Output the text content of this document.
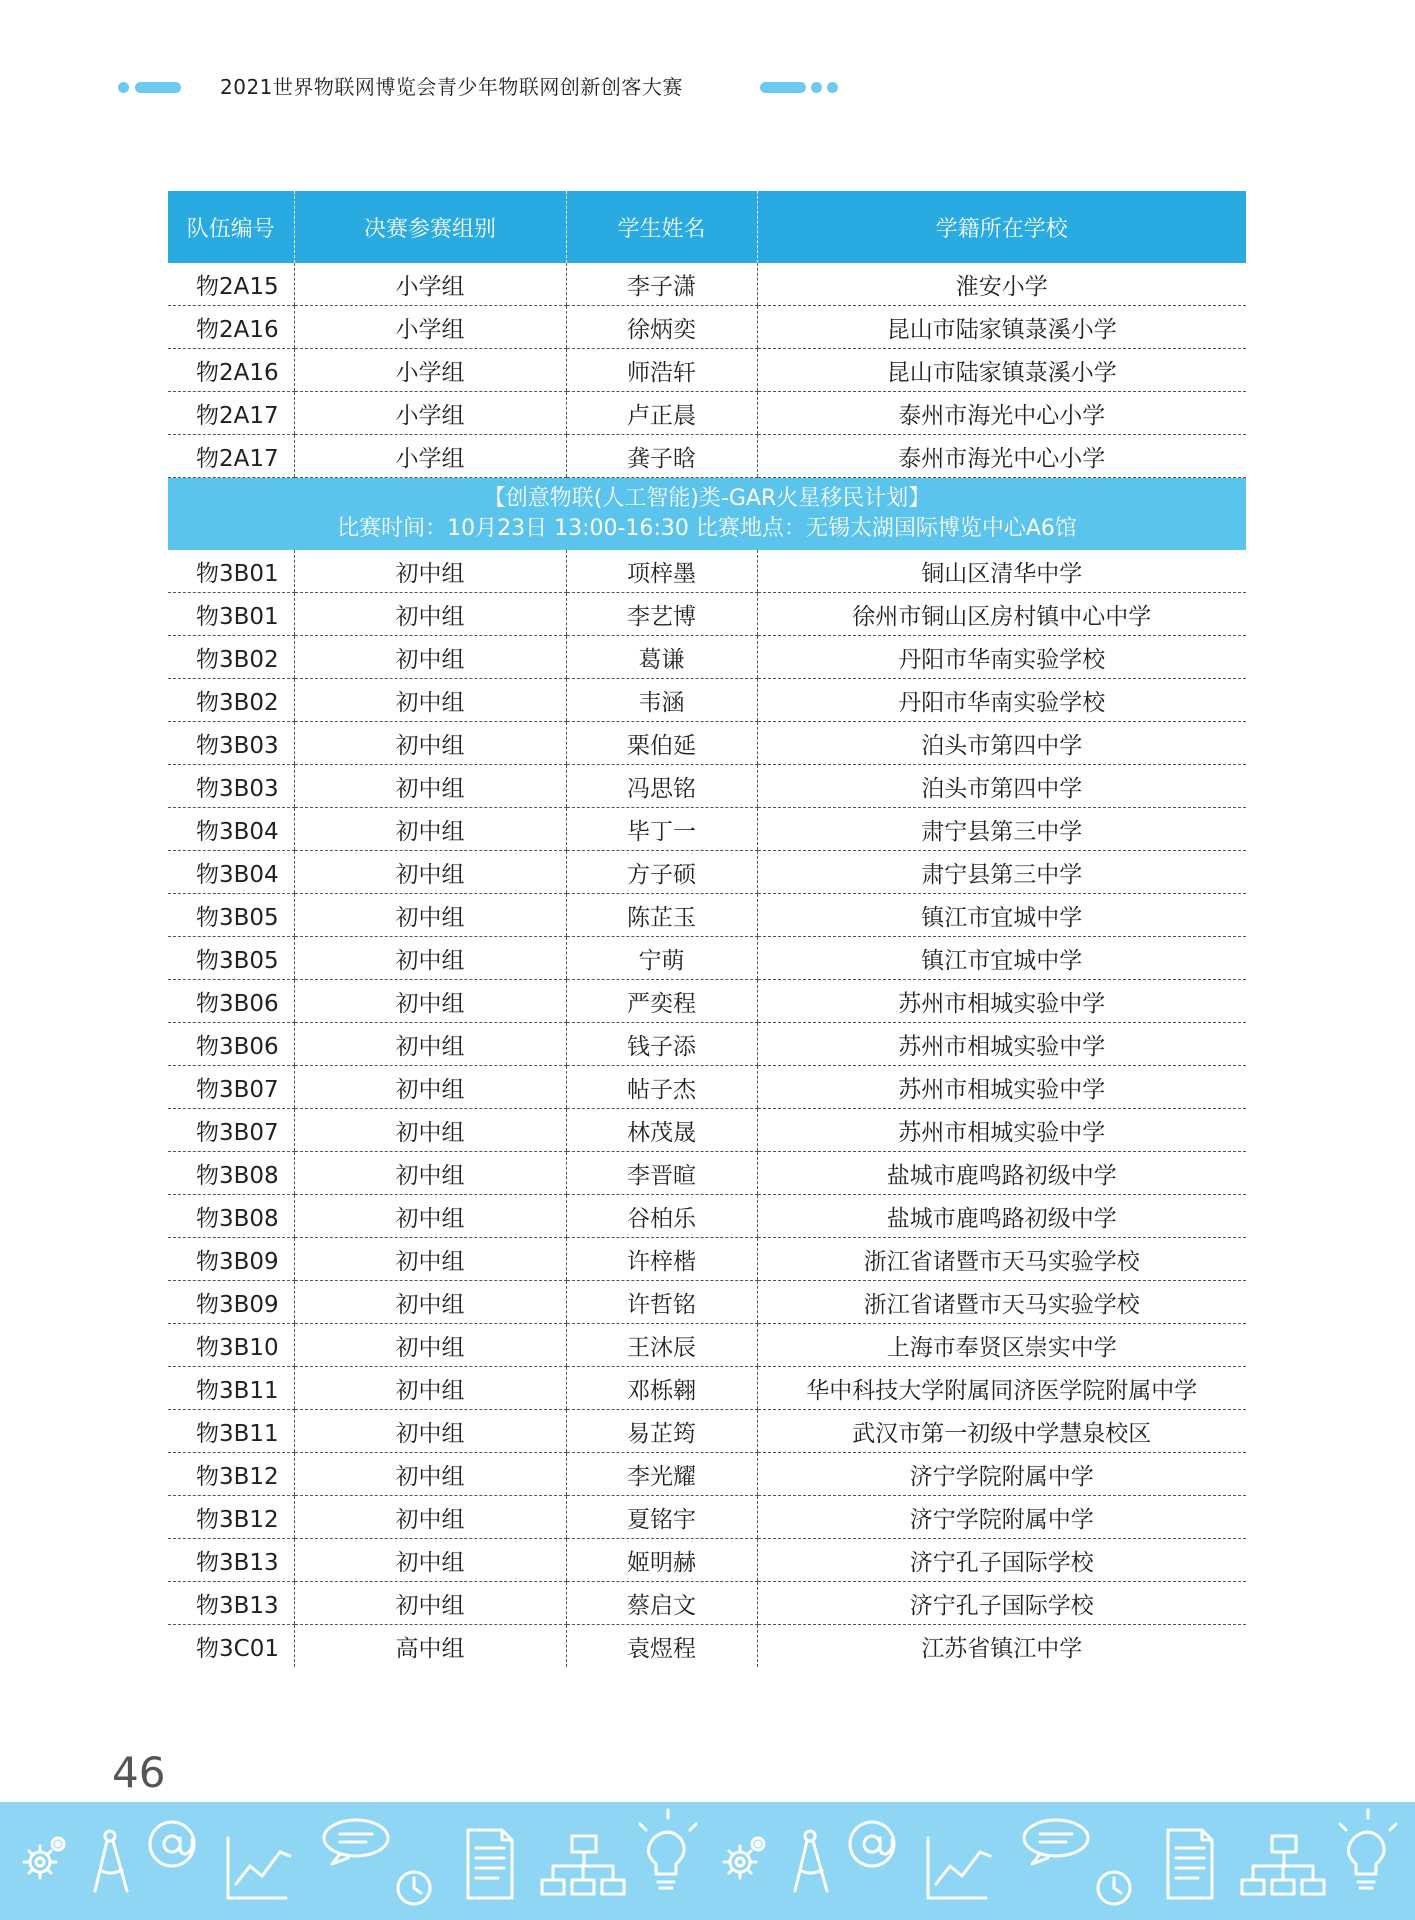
2021世界物联网博览会青少年物联网创新创客大赛
队伍编号	决赛参赛组别	学生姓名	学籍所在学校
物2A15	小学组	李子潇	淮安小学
物2A16	小学组	徐炳奕	昆山市陆家镇菉溪小学
物2A16	小学组	师浩轩	昆山市陆家镇菉溪小学
物2A17	小学组	卢正晨	泰州市海光中心小学
物2A17	小学组	龚子晗	泰州市海光中心小学

【创意物联(人工智能)类-GAR火星移民计划】
比赛时间：10月23日 13:00-16:30 比赛地点：无锡太湖国际博览中心A6馆			

物3B01	初中组	项梓墨	铜山区清华中学
物3B01	初中组	李艺博	徐州市铜山区房村镇中心中学
物3B02	初中组	葛谦	丹阳市华南实验学校
物3B02	初中组	韦涵	丹阳市华南实验学校
物3B03	初中组	栗伯延	泊头市第四中学
物3B03	初中组	冯思铭	泊头市第四中学
物3B04	初中组	毕丁一	肃宁县第三中学
物3B04	初中组	方子硕	肃宁县第三中学
物3B05	初中组	陈芷玉	镇江市宜城中学
物3B05	初中组	宁萌	镇江市宜城中学
物3B06	初中组	严奕程	苏州市相城实验中学
物3B06	初中组	钱子添	苏州市相城实验中学
物3B07	初中组	帖子杰	苏州市相城实验中学
物3B07	初中组	林茂晟	苏州市相城实验中学
物3B08	初中组	李晋暄	盐城市鹿鸣路初级中学
物3B08	初中组	谷柏乐	盐城市鹿鸣路初级中学
物3B09	初中组	许梓楷	浙江省诸暨市天马实验学校
物3B09	初中组	许哲铭	浙江省诸暨市天马实验学校
物3B10	初中组	王沐辰	上海市奉贤区崇实中学
物3B11	初中组	邓栎翱	华中科技大学附属同济医学院附属中学
物3B11	初中组	易芷筠	武汉市第一初级中学慧泉校区
物3B12	初中组	李光耀	济宁学院附属中学
物3B12	初中组	夏铭宇	济宁学院附属中学
物3B13	初中组	姬明赫	济宁孔子国际学校
物3B13	初中组	蔡启文	济宁孔子国际学校
物3C01	高中组	袁煜程	江苏省镇江中学
46
